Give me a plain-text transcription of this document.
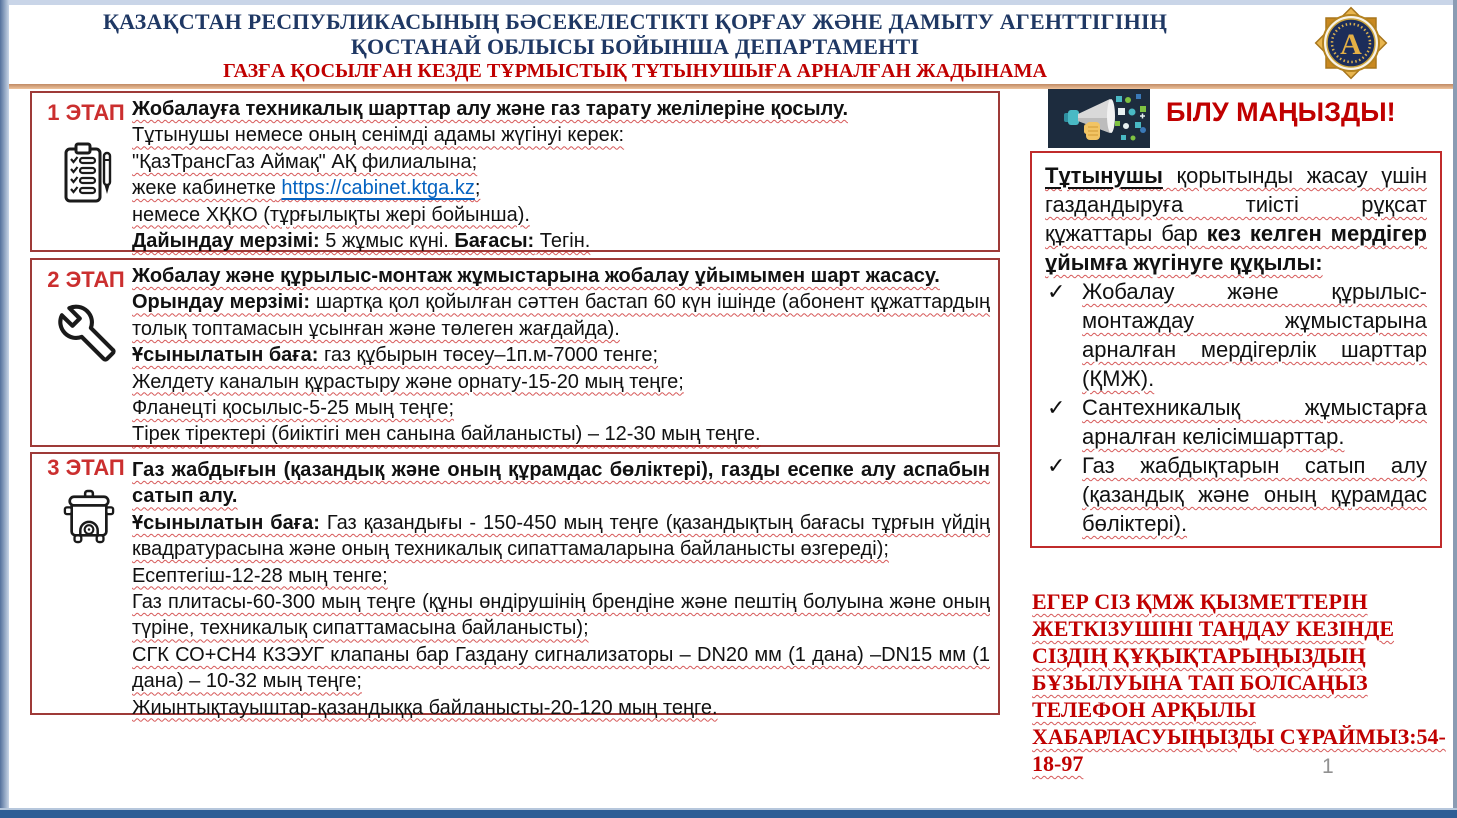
ҚАЗАҚСТАН РЕСПУБЛИКАСЫНЫҢ БӘСЕКЕЛЕСТІКТІ ҚОРҒАУ ЖӘНЕ ДАМЫТУ АГЕНТТІГІНІҢ
ҚОСТАНАЙ ОБЛЫСЫ БОЙЫНША ДЕПАРТАМЕНТІ
ГАЗҒА ҚОСЫЛҒАН КЕЗДЕ ТҰРМЫСТЫҚ ТҰТЫНУШЫҒА АРНАЛҒАН ЖАДЫНАМА
А
1 ЭТАП Жобалауға техникалық шарттар алу және газ тарату желілеріне қосылу.

Тұтынушы немесе оның сенімді адамы жүгінуі керек:

"ҚазТрансГаз Аймақ" АҚ филиалына;

жеке кабинетке https://cabinet.ktga.kz;

немесе ХҚКО (тұрғылықты жері бойынша).

Дайындау мерзімі: 5 жұмыс күні. Бағасы: Тегін.

2 ЭТАП Жобалау және құрылыс-монтаж жұмыстарына жобалау ұйымымен шарт жасасу.

Орындау мерзімі: шартқа қол қойылған сәттен бастап 60 күн ішінде (абонент құжаттардың толық топтамасын ұсынған және төлеген жағдайда).

Ұсынылатын баға: газ құбырын төсеу–1п.м-7000 тенге;

Желдету каналын құрастыру және орнату-15-20 мың теңге;

Фланецті қосылыс-5-25 мың теңге;

Тірек тіректері (биіктігі мен санына байланысты) – 12-30 мың теңге.

3 ЭТАП Газ жабдығын (қазандық және оның құрамдас бөліктері), газды есепке алу аспабын сатып алу.

Ұсынылатын баға: Газ қазандығы - 150-450 мың теңге (қазандықтың бағасы тұрғын үйдің квадратурасына және оның техникалық сипаттамаларына байланысты өзгереді);

Есептегіш-12-28 мың тенге;

Газ плитасы-60-300 мың теңге (құны өндірушінің брендіне және пештің болуына және оның түріне, техникалық сипаттамасына байланысты);

СГК СО+СН4 КЗЭУГ клапаны бар Газдану сигнализаторы – DN20 мм (1 дана) –DN15 мм (1 дана) – 10-32 мың теңге;

Жиынтықтауыштар-қазандыққа байланысты-20-120 мың теңге.

БІЛУ МАҢЫЗДЫ!

Тұтынушы қорытынды жасау үшін газдандыруға тиісті рұқсат құжаттары бар кез келген мердігер ұйымға жүгінуге құқылы:

✓ Жобалау және құрылыс-монтаждау жұмыстарына арналған мердігерлік шарттар (ҚМЖ).
✓ Сантехникалық жұмыстарға арналған келісімшарттар.
✓ Газ жабдықтарын сатып алу (қазандық және оның құрамдас бөліктері).
ЕГЕР СІЗ ҚМЖ ҚЫЗМЕТТЕРІН ЖЕТКІЗУШІНІ ТАҢДАУ КЕЗІНДЕ СІЗДІҢ ҚҰҚЫҚТАРЫҢЫЗДЫҢ БҰЗЫЛУЫНА ТАП БОЛСАҢЫЗ ТЕЛЕФОН АРҚЫЛЫ ХАБАРЛАСУЫҢЫЗДЫ СҰРАЙМЫЗ:54-18-97	1
